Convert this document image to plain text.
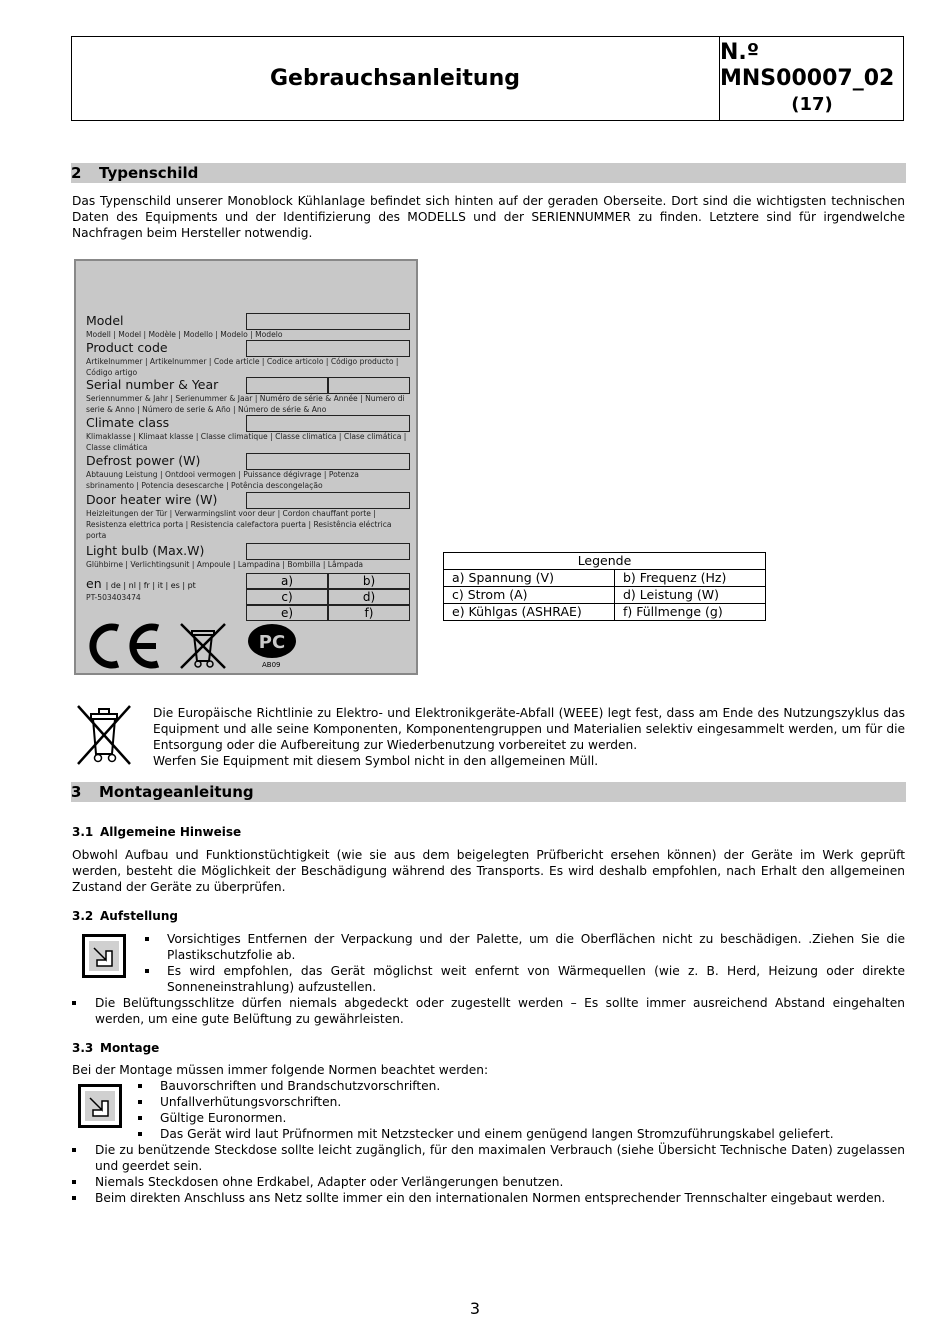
Gebrauchsanleitung
N.º MNS00007_02
(17)
2 Typenschild
Das Typenschild unserer Monoblock Kühlanlage befindet sich hinten auf der geraden Oberseite. Dort sind die wichtigsten technischen Daten des Equipments und der Identifizierung des MODELLS und der SERIENNUMMER zu finden. Letztere sind für irgendwelche Nachfragen beim Hersteller notwendig.
Model
Modell | Model | Modèle | Modello | Modelo | Modelo
Product code
Artikelnummer | Artikelnummer | Code article | Codice articolo | Código producto | Código artigo
Serial number & Year
Seriennummer & Jahr | Serienummer & Jaar | Numéro de série & Année | Numero di serie & Anno | Número de serie & Año | Número de série & Ano
Climate class
Klimaklasse | Klimaat klasse | Classe climatique | Classe climatica | Clase climática | Classe climática
Defrost power (W)
Abtauung Leistung | Ontdooi vermogen | Puissance dégivrage | Potenza sbrinamento | Potencia desescarche | Potência descongelação
Door heater wire (W)
Heizleitungen der Tür | Verwarmingslint voor deur | Cordon chauffant porte | Resistenza elettrica porta | Resistencia calefactora puerta | Resistência eléctrica porta
Light bulb (Max.W)
Glühbirne | Verlichtingsunit | Ampoule | Lampadina | Bombilla | Lâmpada
en | de | nl | fr | it | es | pt
PT-503403474
a)	b)
c)	d)
e)	f)
PC
AB09
Legende	
a) Spannung (V)	b) Frequenz (Hz)
c) Strom (A)	d) Leistung (W)
e) Kühlgas (ASHRAE)	f) Füllmenge (g)
Die Europäische Richtlinie zu Elektro- und Elektronikgeräte-Abfall (WEEE) legt fest, dass am Ende des Nutzungszyklus das Equipment und alle seine Komponenten, Komponentengruppen und Materialien selektiv eingesammelt werden, um für die Entsorgung oder die Aufbereitung zur Wiederbenutzung vorbereitet zu werden.
Werfen Sie Equipment mit diesem Symbol nicht in den allgemeinen Müll.
3 Montageanleitung
3.1 Allgemeine Hinweise
Obwohl Aufbau und Funktionstüchtigkeit (wie sie aus dem beigelegten Prüfbericht ersehen können) der Geräte im Werk geprüft werden, besteht die Möglichkeit der Beschädigung während des Transports. Es wird deshalb empfohlen, nach Erhalt den allgemeinen Zustand der Geräte zu überprüfen.
3.2 Aufstellung
Vorsichtiges Entfernen der Verpackung und der Palette, um die Oberflächen nicht zu beschädigen. .Ziehen Sie die Plastikschutzfolie ab.
Es wird empfohlen, das Gerät möglichst weit enfernt von Wärmequellen (wie z. B. Herd, Heizung oder direkte Sonneneinstrahlung) aufzustellen.
Die Belüftungsschlitze dürfen niemals abgedeckt oder zugestellt werden – Es sollte immer ausreichend Abstand eingehalten werden, um eine gute Belüftung zu gewährleisten.
3.3 Montage
Bei der Montage müssen immer folgende Normen beachtet werden:
Bauvorschriften und Brandschutzvorschriften.
Unfallverhütungsvorschriften.
Gültige Euronormen.
Das Gerät wird laut Prüfnormen mit Netzstecker und einem genügend langen Stromzuführungskabel geliefert.
Die zu benützende Steckdose sollte leicht zugänglich, für den maximalen Verbrauch (siehe Übersicht Technische Daten) zugelassen und geerdet sein.
Niemals Steckdosen ohne Erdkabel, Adapter oder Verlängerungen benutzen.
Beim direkten Anschluss ans Netz sollte immer ein den internationalen Normen entsprechender Trennschalter eingebaut werden.
3
